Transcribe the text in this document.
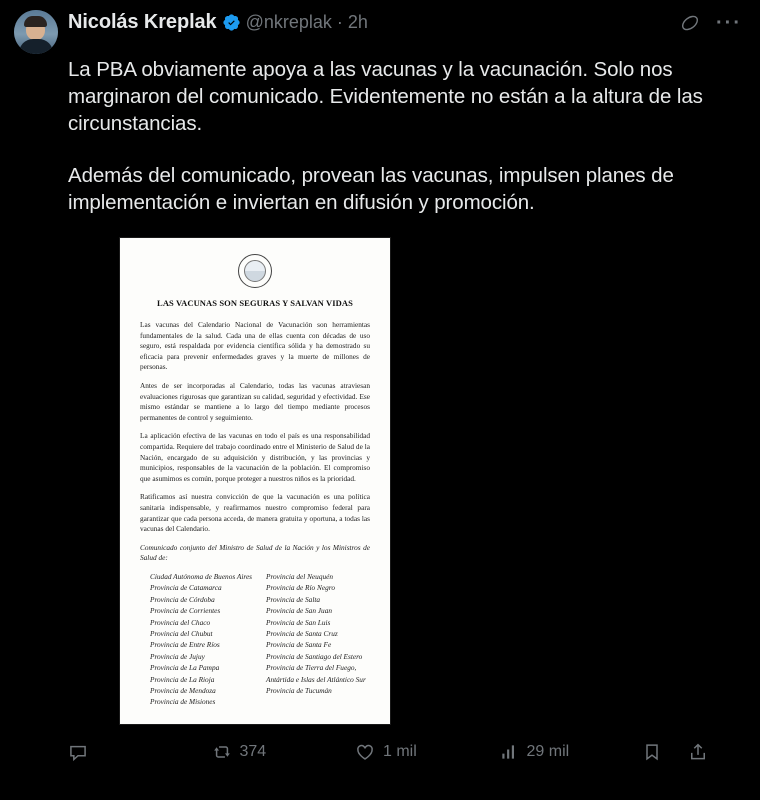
Nicolás Kreplak @nkreplak · 2h	···

La PBA obviamente apoya a las vacunas y la vacunación. Solo nos marginaron del comunicado. Evidentemente no están a la altura de las circunstancias.

Además del comunicado, provean las vacunas, impulsen planes de implementación e inviertan en difusión y promoción.

LAS VACUNAS SON SEGURAS Y SALVAN VIDAS

Las vacunas del Calendario Nacional de Vacunación son herramientas fundamentales de la salud. Cada una de ellas cuenta con décadas de uso seguro, está respaldada por evidencia científica sólida y ha demostrado su eficacia para prevenir enfermedades graves y la muerte de millones de personas.

Antes de ser incorporadas al Calendario, todas las vacunas atraviesan evaluaciones rigurosas que garantizan su calidad, seguridad y efectividad. Ese mismo estándar se mantiene a lo largo del tiempo mediante procesos permanentes de control y seguimiento.

La aplicación efectiva de las vacunas en todo el país es una responsabilidad compartida. Requiere del trabajo coordinado entre el Ministerio de Salud de la Nación, encargado de su adquisición y distribución, y las provincias y municipios, responsables de la vacunación de la población. El compromiso que asumimos es común, porque proteger a nuestros niños es la prioridad.

Ratificamos así nuestra convicción de que la vacunación es una política sanitaria indispensable, y reafirmamos nuestro compromiso federal para garantizar que cada persona acceda, de manera gratuita y oportuna, a todas las vacunas del Calendario.

Comunicado conjunto del Ministro de Salud de la Nación y los Ministros de Salud de:

Ciudad Autónoma de Buenos Aires
Provincia de Catamarca
Provincia de Córdoba
Provincia de Corrientes
Provincia del Chaco
Provincia del Chubut
Provincia de Entre Ríos
Provincia de Jujuy
Provincia de La Pampa
Provincia de La Rioja
Provincia de Mendoza
Provincia de Misiones
Provincia del Neuquén
Provincia de Río Negro
Provincia de Salta
Provincia de San Juan
Provincia de San Luis
Provincia de Santa Cruz
Provincia de Santa Fe
Provincia de Santiago del Estero
Provincia de Tierra del Fuego,
Antártida e Islas del Atlántico Sur
Provincia de Tucumán
374	1 mil	29 mil
